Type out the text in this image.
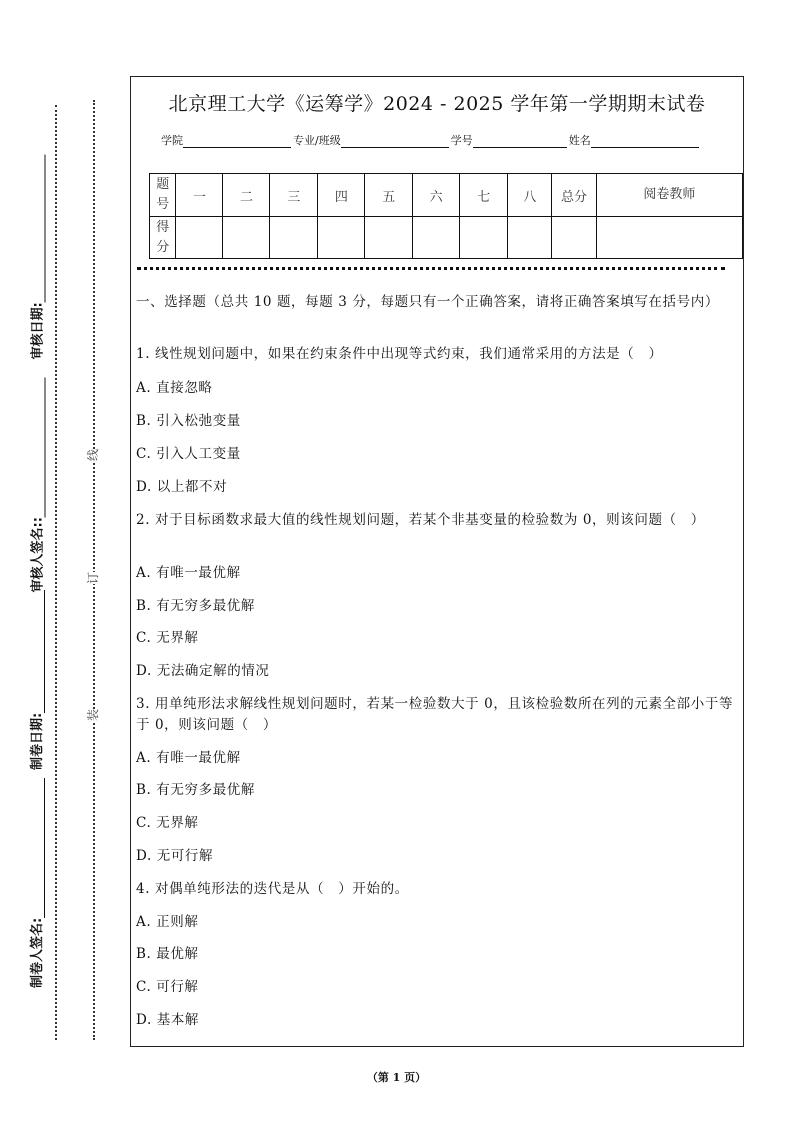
线
订
装
审核日期:
审核人签名::
制卷日期:
制卷人签名:
北京理工大学《运筹学》2024 - 2025 学年第一学期期末试卷
学院	专业/班级	学号	姓名
题号	一	二	三	四	五	六	七	八	总分	阅卷教师
得分										
一、选择题（总共 10 题，每题 3 分，每题只有一个正确答案，请将正确答案填写在括号内）
1. 线性规划问题中，如果在约束条件中出现等式约束，我们通常采用的方法是（　）
A. 直接忽略
B. 引入松弛变量
C. 引入人工变量
D. 以上都不对
2. 对于目标函数求最大值的线性规划问题，若某个非基变量的检验数为 0，则该问题（　）
A. 有唯一最优解
B. 有无穷多最优解
C. 无界解
D. 无法确定解的情况
3. 用单纯形法求解线性规划问题时，若某一检验数大于 0，且该检验数所在列的元素全部小于等于 0，则该问题（　）
A. 有唯一最优解
B. 有无穷多最优解
C. 无界解
D. 无可行解
4. 对偶单纯形法的迭代是从（　）开始的。
A. 正则解
B. 最优解
C. 可行解
D. 基本解
（第 1 页）
